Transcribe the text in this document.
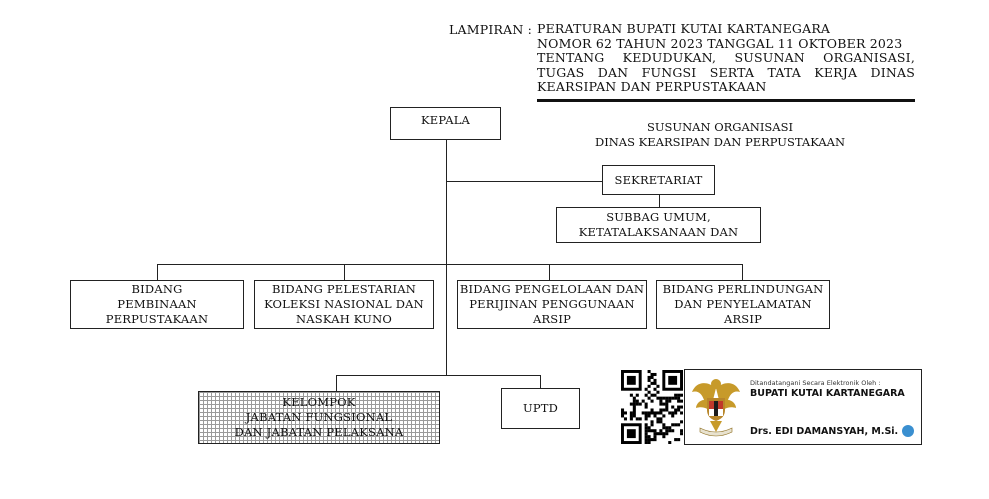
LAMPIRAN : PERATURAN BUPATI KUTAI KARTANEGARA
NOMOR 62 TAHUN 2023 TANGGAL 11 OKTOBER 2023
TENTANG KEDUDUKAN, SUSUNAN ORGANISASI,
TUGAS DAN FUNGSI SERTA TATA KERJA DINAS
KEARSIPAN DAN PERPUSTAKAAN
SUSUNAN ORGANISASI
DINAS KEARSIPAN DAN PERPUSTAKAAN
KEPALA
SEKRETARIAT
SUBBAG UMUM,
KETATALAKSANAAN DAN
BIDANG
PEMBINAAN
PERPUSTAKAAN
BIDANG PELESTARIAN
KOLEKSI NASIONAL DAN
NASKAH KUNO
BIDANG PENGELOLAAN DAN
PERIJINAN PENGGUNAAN
ARSIP
BIDANG PERLINDUNGAN
DAN PENYELAMATAN
ARSIP
KELOMPOK
JABATAN FUNGSIONAL
DAN JABATAN PELAKSANA
UPTD
Ditandatangani Secara Elektronik Oleh :
BUPATI KUTAI KARTANEGARA
Drs. EDI DAMANSYAH, M.Si.
